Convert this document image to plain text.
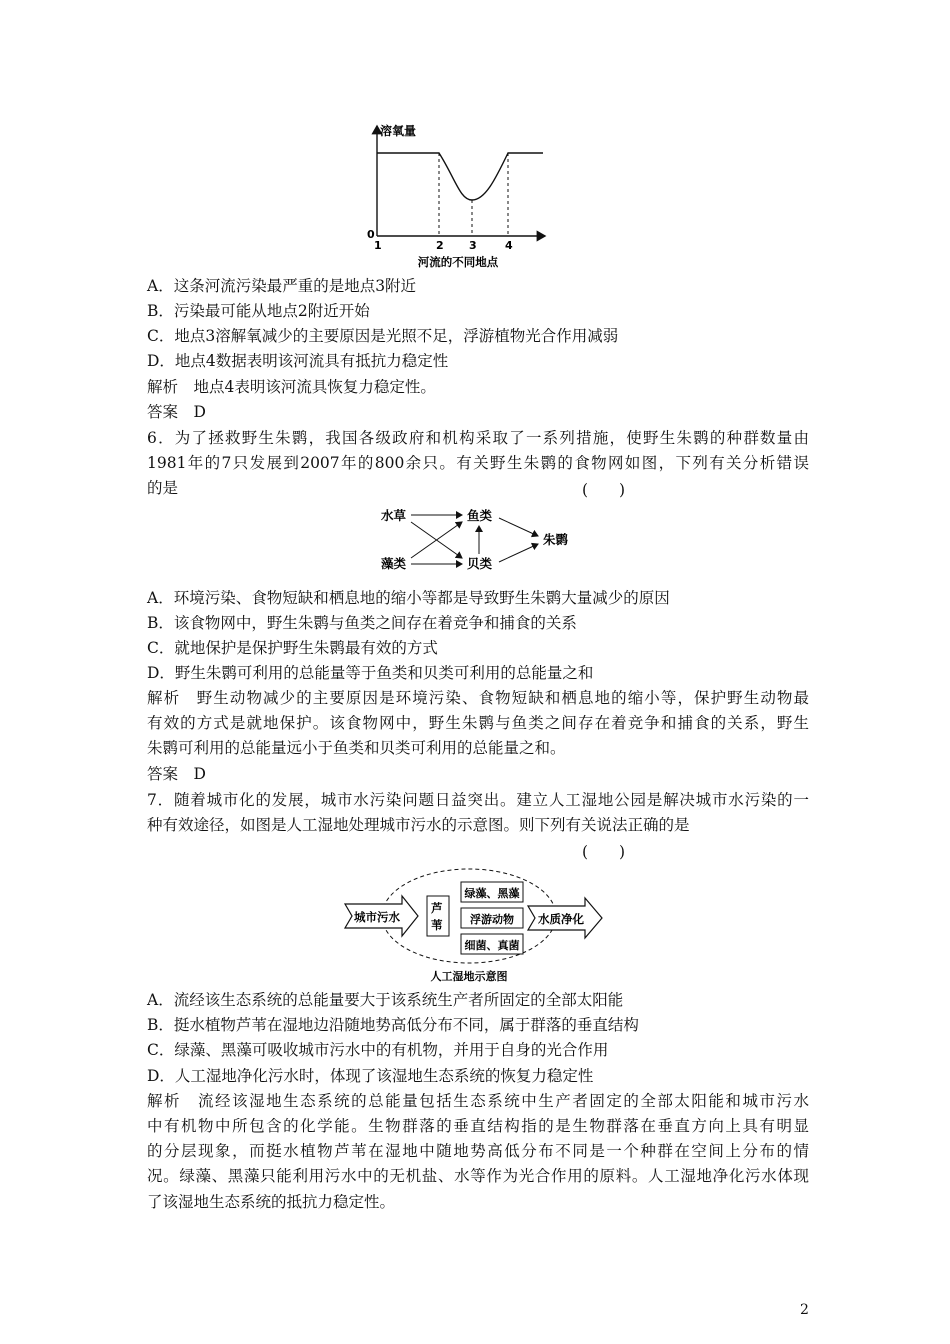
溶氧量
0
1	2 3	4
河流的不同地点
A．这条河流污染最严重的是地点3附近
B．污染最可能从地点2附近开始
C．地点3溶解氧减少的主要原因是光照不足，浮游植物光合作用减弱
D．地点4数据表明该河流具有抵抗力稳定性
解析　地点4表明该河流具恢复力稳定性。
答案　D
6．为了拯救野生朱鹮，我国各级政府和机构采取了一系列措施，使野生朱鹮的种群数量由
1981年的7只发展到2007年的800余只。有关野生朱鹮的食物网如图，下列有关分析错误
的是	(　　)
水草
藻类
鱼类
贝类
朱鹮
A．环境污染、食物短缺和栖息地的缩小等都是导致野生朱鹮大量减少的原因
B．该食物网中，野生朱鹮与鱼类之间存在着竞争和捕食的关系
C．就地保护是保护野生朱鹮最有效的方式
D．野生朱鹮可利用的总能量等于鱼类和贝类可利用的总能量之和
解析　野生动物减少的主要原因是环境污染、食物短缺和栖息地的缩小等，保护野生动物最
有效的方式是就地保护。该食物网中，野生朱鹮与鱼类之间存在着竞争和捕食的关系，野生
朱鹮可利用的总能量远小于鱼类和贝类可利用的总能量之和。
答案　D
7．随着城市化的发展，城市水污染问题日益突出。建立人工湿地公园是解决城市水污染的一
种有效途径，如图是人工湿地处理城市污水的示意图。则下列有关说法正确的是
(　　)
城市污水
芦
苇
绿藻、黑藻
浮游动物
细菌、真菌
水质净化
人工湿地示意图
A．流经该生态系统的总能量要大于该系统生产者所固定的全部太阳能
B．挺水植物芦苇在湿地边沿随地势高低分布不同，属于群落的垂直结构
C．绿藻、黑藻可吸收城市污水中的有机物，并用于自身的光合作用
D．人工湿地净化污水时，体现了该湿地生态系统的恢复力稳定性
解析　流经该湿地生态系统的总能量包括生态系统中生产者固定的全部太阳能和城市污水
中有机物中所包含的化学能。生物群落的垂直结构指的是生物群落在垂直方向上具有明显
的分层现象，而挺水植物芦苇在湿地中随地势高低分布不同是一个种群在空间上分布的情
况。绿藻、黑藻只能利用污水中的无机盐、水等作为光合作用的原料。人工湿地净化污水体现
了该湿地生态系统的抵抗力稳定性。
2
